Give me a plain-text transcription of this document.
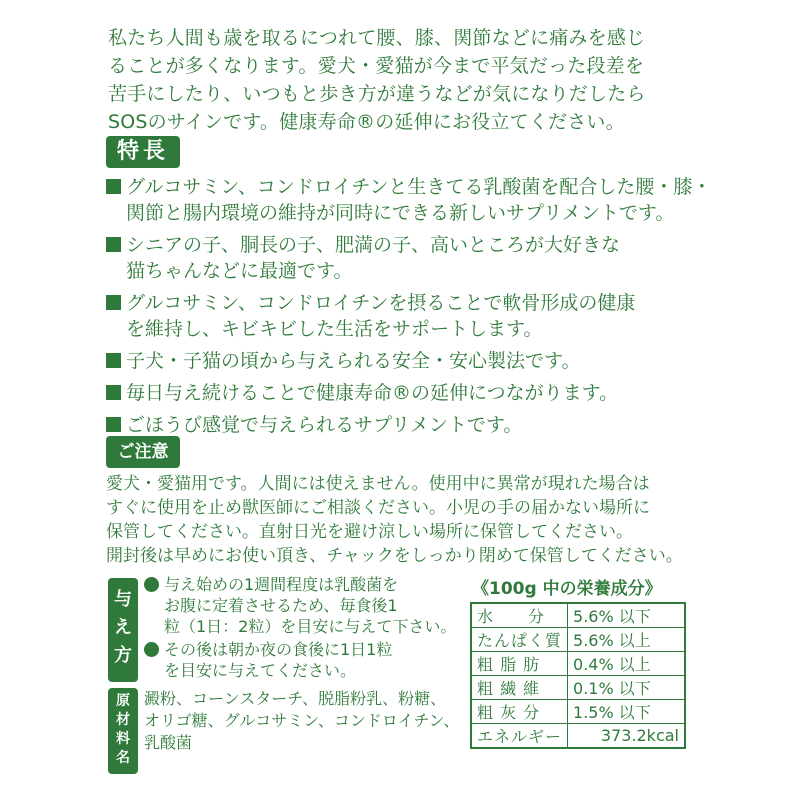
私たち人間も歳を取るにつれて腰、膝、関節などに痛みを感じ
ることが多くなります。愛犬・愛猫が今まで平気だった段差を
苦手にしたり、いつもと歩き方が違うなどが気になりだしたら
SOSのサインです。健康寿命®の延伸にお役立てください。
特長
グルコサミン、コンドロイチンと生きてる乳酸菌を配合した腰・膝・
関節と腸内環境の維持が同時にできる新しいサプリメントです。
シニアの子、胴長の子、肥満の子、高いところが大好きな
猫ちゃんなどに最適です。
グルコサミン、コンドロイチンを摂ることで軟骨形成の健康
を維持し、キビキビした生活をサポートします。
子犬・子猫の頃から与えられる安全・安心製法です。
毎日与え続けることで健康寿命®の延伸につながります。
ごほうび感覚で与えられるサプリメントです。
ご注意
愛犬・愛猫用です。人間には使えません。使用中に異常が現れた場合は
すぐに使用を止め獣医師にご相談ください。小児の手の届かない場所に
保管してください。直射日光を避け涼しい場所に保管してください。
開封後は早めにお使い頂き、チャックをしっかり閉めて保管してください。
与
え
方
与え始めの1週間程度は乳酸菌を
お腹に定着させるため、毎食後1
粒（1日：2粒）を目安に与えて下さい。
その後は朝か夜の食後に1日1粒
を目安に与えてください。
原
材
料
名
澱粉、コーンスターチ、脱脂粉乳、粉糖、
オリゴ糖、グルコサミン、コンドロイチン、
乳酸菌
《100g 中の栄養成分》
水　　分	5.6% 以下
たんぱく質	5.6% 以上
粗 脂 肪	0.4% 以上
粗 繊 維	0.1% 以下
粗 灰 分	1.5% 以下
エネルギー	373.2kcal
